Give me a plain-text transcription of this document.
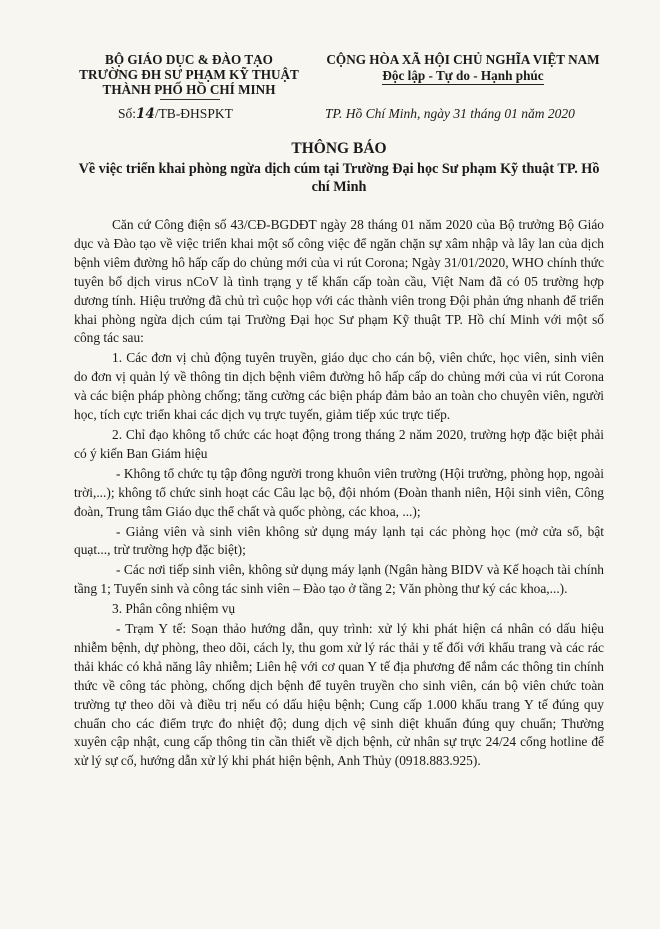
BỘ GIÁO DỤC & ĐÀO TẠO
TRƯỜNG ĐH SƯ PHẠM KỸ THUẬT
THÀNH PHỐ HỒ CHÍ MINH
CỘNG HÒA XÃ HỘI CHỦ NGHĨA VIỆT NAM
Độc lập - Tự do - Hạnh phúc
Số:14/TB-ĐHSPKT	TP. Hồ Chí Minh, ngày 31 tháng 01 năm 2020
THÔNG BÁO
Về việc triển khai phòng ngừa dịch cúm tại Trường Đại học Sư phạm Kỹ thuật TP. Hồ chí Minh

Căn cứ Công điện số 43/CĐ-BGDĐT ngày 28 tháng 01 năm 2020 của Bộ trưởng Bộ Giáo dục và Đào tạo về việc triển khai một số công việc để ngăn chặn sự xâm nhập và lây lan của dịch bệnh viêm đường hô hấp cấp do chủng mới của vi rút Corona; Ngày 31/01/2020, WHO chính thức tuyên bố dịch virus nCoV là tình trạng y tế khẩn cấp toàn cầu, Việt Nam đã có 05 trường hợp dương tính. Hiệu trưởng đã chủ trì cuộc họp với các thành viên trong Đội phản ứng nhanh để triển khai phòng ngừa dịch cúm tại Trường Đại học Sư phạm Kỹ thuật TP. Hồ chí Minh với một số công tác sau:

1. Các đơn vị chủ động tuyên truyền, giáo dục cho cán bộ, viên chức, học viên, sinh viên do đơn vị quản lý về thông tin dịch bệnh viêm đường hô hấp cấp do chủng mới của vi rút Corona và các biện pháp phòng chống; tăng cường các biện pháp đảm bảo an toàn cho chuyên viên, người học, tích cực triển khai các dịch vụ trực tuyến, giảm tiếp xúc trực tiếp.

2. Chỉ đạo không tổ chức các hoạt động trong tháng 2 năm 2020, trường hợp đặc biệt phải có ý kiến Ban Giám hiệu

- Không tổ chức tụ tập đông người trong khuôn viên trường (Hội trường, phòng họp, ngoài trời,...); không tổ chức sinh hoạt các Câu lạc bộ, đội nhóm (Đoàn thanh niên, Hội sinh viên, Công đoàn, Trung tâm Giáo dục thể chất và quốc phòng, các khoa, ...);

- Giảng viên và sinh viên không sử dụng máy lạnh tại các phòng học (mở cửa sổ, bật quạt..., trừ trường hợp đặc biệt);

- Các nơi tiếp sinh viên, không sử dụng máy lạnh (Ngân hàng BIDV và Kế hoạch tài chính tầng 1; Tuyển sinh và công tác sinh viên – Đào tạo ở tầng 2; Văn phòng thư ký các khoa,...).

3. Phân công nhiệm vụ

- Trạm Y tế: Soạn thảo hướng dẫn, quy trình: xử lý khi phát hiện cá nhân có dấu hiệu nhiễm bệnh, dự phòng, theo dõi, cách ly, thu gom xử lý rác thải y tế đối với khẩu trang và các rác thải khác có khả năng lây nhiễm; Liên hệ với cơ quan Y tế địa phương để nắm các thông tin chính thức về công tác phòng, chống dịch bệnh để tuyên truyền cho sinh viên, cán bộ viên chức toàn trường tự theo dõi và điều trị nếu có dấu hiệu bệnh; Cung cấp 1.000 khẩu trang Y tế đúng quy chuẩn cho các điểm trực đo nhiệt độ; dung dịch vệ sinh diệt khuẩn đúng quy chuẩn; Thường xuyên cập nhật, cung cấp thông tin cần thiết về dịch bệnh, cử nhân sự trực 24/24 cổng hotline để xử lý sự cố, hướng dẫn xử lý khi phát hiện bệnh, Anh Thủy (0918.883.925).
